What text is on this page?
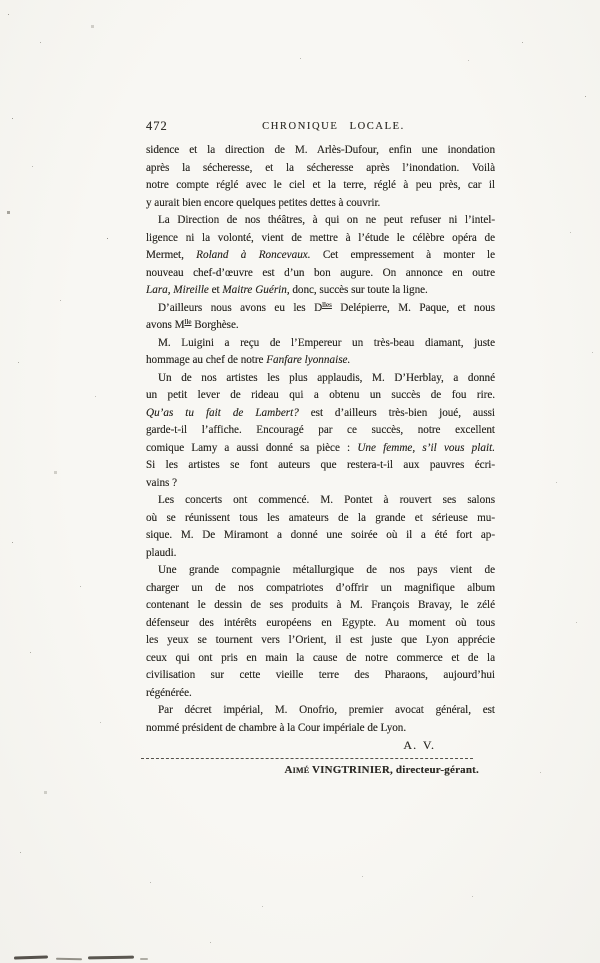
472	CHRONIQUE LOCALE.
sidence et la direction de M. Arlès-Dufour, enfin une inondation
après la sécheresse, et la sécheresse après l’inondation. Voilà
notre compte réglé avec le ciel et la terre, réglé à peu près, car il
y aurait bien encore quelques petites dettes à couvrir.
La Direction de nos théâtres, à qui on ne peut refuser ni l’intel-
ligence ni la volonté, vient de mettre à l’étude le célèbre opéra de
Mermet, Roland à Roncevaux. Cet empressement à monter le
nouveau chef-d’œuvre est d’un bon augure. On annonce en outre
Lara, Mireille et Maitre Guérin, donc, succès sur toute la ligne.
D’ailleurs nous avons eu les $D^{lles}$ Delépierre, M. Paque, et nous
avons $M^{lle}$ Borghèse.
M. Luigini a reçu de l’Empereur un très-beau diamant, juste
hommage au chef de notre Fanfare lyonnaise.
Un de nos artistes les plus applaudis, M. D’Herblay, a donné
un petit lever de rideau qui a obtenu un succès de fou rire.
Qu’as tu fait de Lambert? est d’ailleurs très-bien joué, aussi
garde-t-il l’affiche. Encouragé par ce succès, notre excellent
comique Lamy a aussi donné sa pièce : Une femme, s’il vous plait.
Si les artistes se font auteurs que restera-t-il aux pauvres écri-
vains ?
Les concerts ont commencé. M. Pontet à rouvert ses salons
où se réunissent tous les amateurs de la grande et sérieuse mu-
sique. M. De Miramont a donné une soirée où il a été fort ap-
plaudi.
Une grande compagnie métallurgique de nos pays vient de
charger un de nos compatriotes d’offrir un magnifique album
contenant le dessin de ses produits à M. François Bravay, le zélé
défenseur des intérêts européens en Egypte. Au moment où tous
les yeux se tournent vers l’Orient, il est juste que Lyon apprécie
ceux qui ont pris en main la cause de notre commerce et de la
civilisation sur cette vieille terre des Pharaons, aujourd’hui
régénérée.
Par décret impérial, M. Onofrio, premier avocat général, est
nommé président de chambre à la Cour impériale de Lyon.
A. V.
Aimé VINGTRINIER, directeur-gérant.
